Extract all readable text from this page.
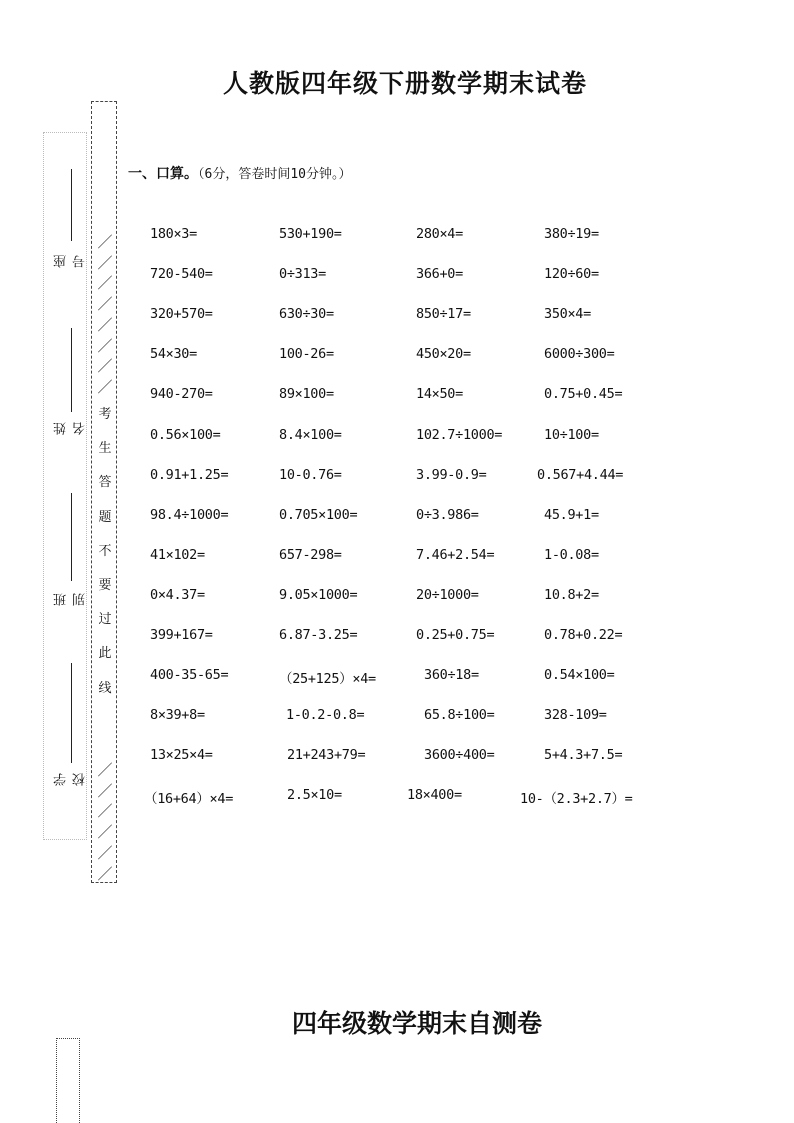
人教版四年级下册数学期末试卷
座号
姓名
班别
学校
／
／
／
／
／
／
／
／
考
生
答
题
不
要
过
此
线
／
／
／
／
／
／
一、口算。（6分，答卷时间10分钟。）
180×3=	530+190=	280×4=	380÷19=
720-540=	0÷313=	366+0=	120÷60=
320+570=	630÷30=	850÷17=	350×4=
54×30=	100-26=	450×20=	6000÷300=
940-270=	89×100=	14×50=	0.75+0.45=
0.56×100=	8.4×100=	102.7÷1000=	10÷100=
0.91+1.25=	10-0.76=	3.99-0.9=	0.567+4.44=
98.4÷1000=	0.705×100=	0÷3.986=	45.9+1=
41×102=	657-298=	7.46+2.54=	1-0.08=
0×4.37=	9.05×1000=	20÷1000=	10.8+2=
399+167=	6.87-3.25=	0.25+0.75=	0.78+0.22=
400-35-65=	（25+125）×4=	360÷18=	0.54×100=
8×39+8=	1-0.2-0.8=	65.8÷100=	328-109=
13×25×4=	21+243+79=	3600÷400=	5+4.3+7.5=
（16+64）×4=	2.5×10=	18×400=	10-（2.3+2.7）=
四年级数学期末自测卷
